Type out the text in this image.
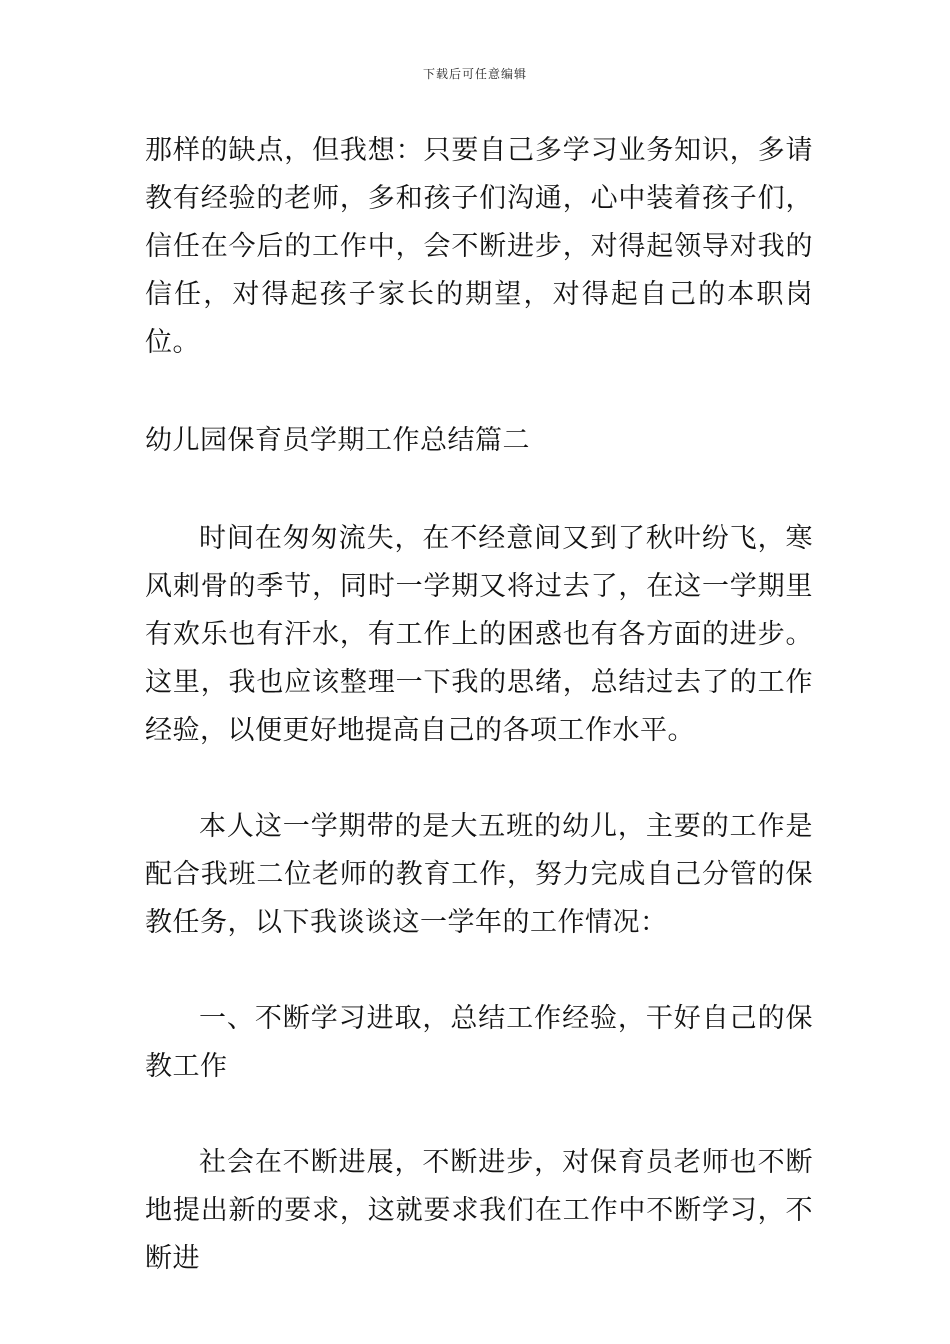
下载后可任意编辑

那样的缺点，但我想：只要自己多学习业务知识，多请教有经验的老师，多和孩子们沟通，心中装着孩子们，信任在今后的工作中，会不断进步，对得起领导对我的信任，对得起孩子家长的期望，对得起自己的本职岗位。

幼儿园保育员学期工作总结篇二

时间在匆匆流失，在不经意间又到了秋叶纷飞，寒风刺骨的季节，同时一学期又将过去了，在这一学期里有欢乐也有汗水，有工作上的困惑也有各方面的进步。这里，我也应该整理一下我的思绪，总结过去了的工作经验，以便更好地提高自己的各项工作水平。

本人这一学期带的是大五班的幼儿，主要的工作是配合我班二位老师的教育工作，努力完成自己分管的保教任务，以下我谈谈这一学年的工作情况：

一、不断学习进取，总结工作经验，干好自己的保教工作

社会在不断进展，不断进步，对保育员老师也不断地提出新的要求，这就要求我们在工作中不断学习，不断进
